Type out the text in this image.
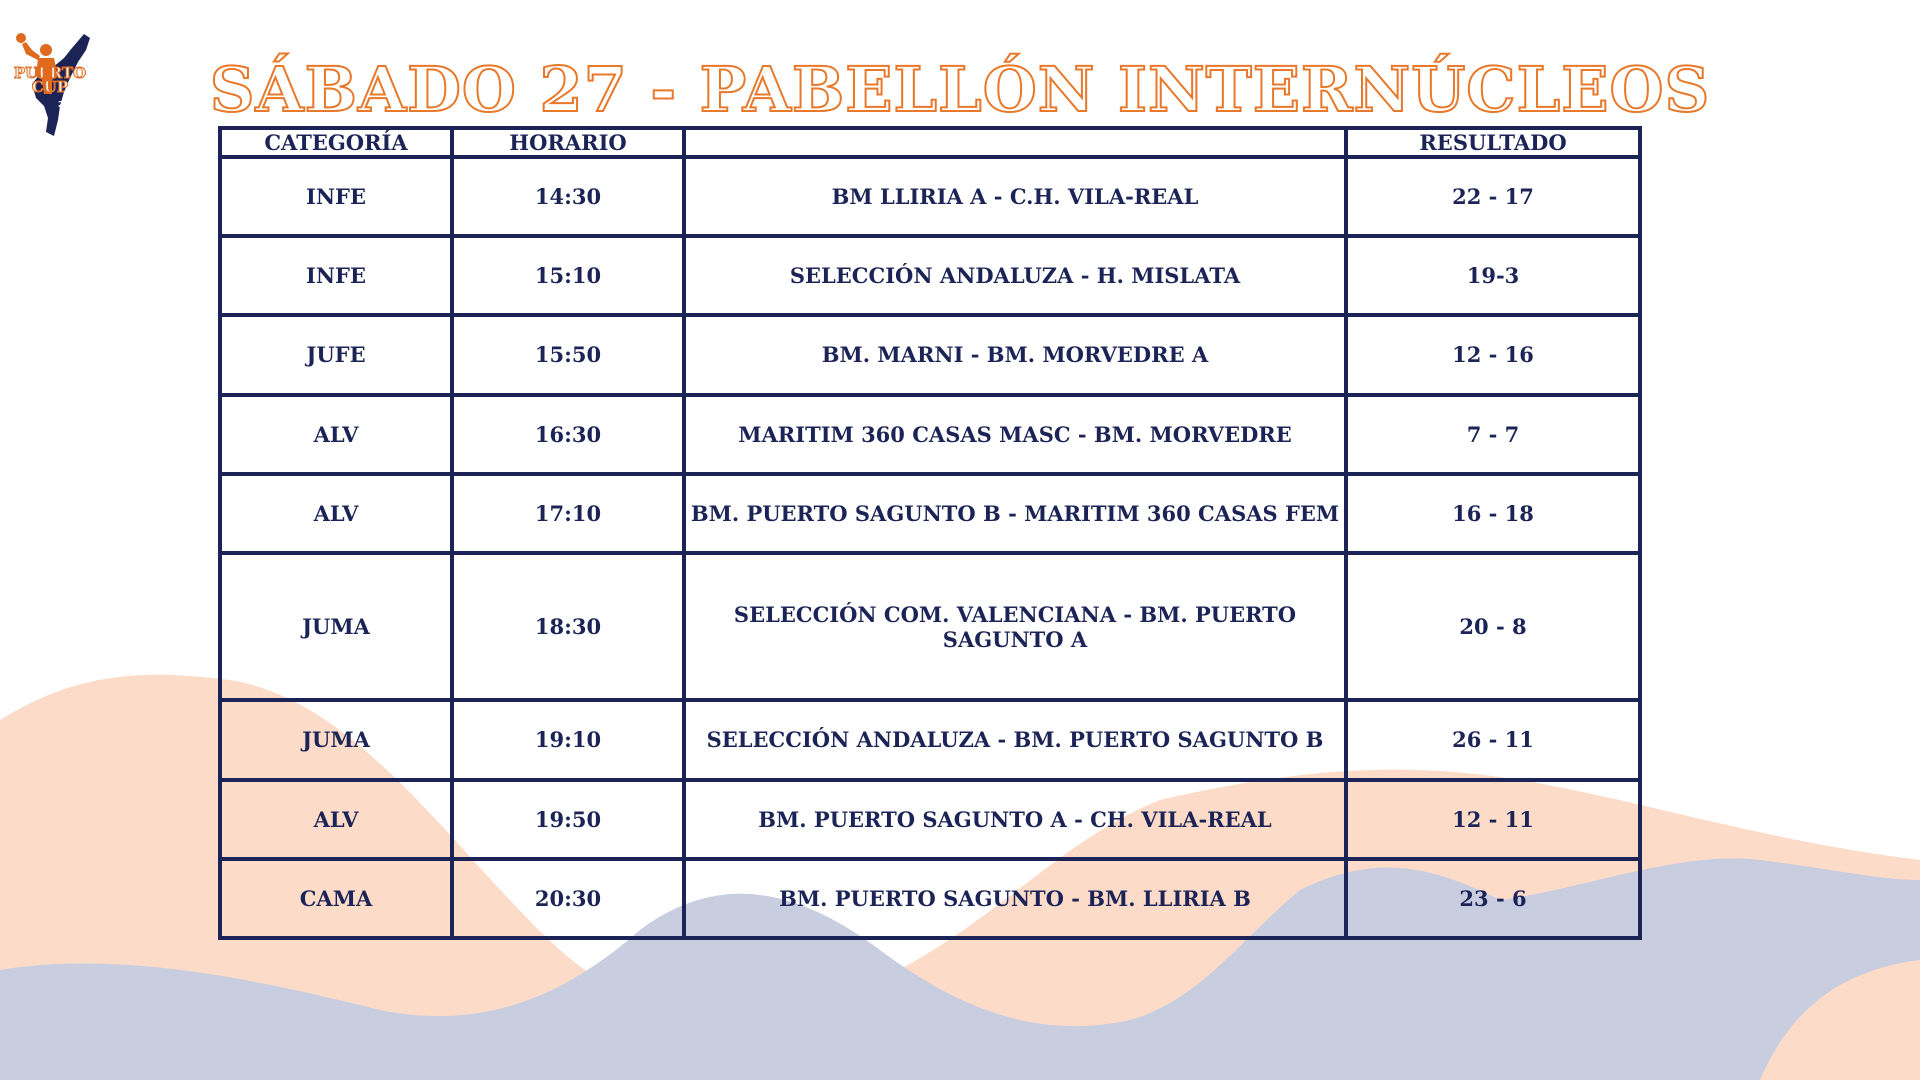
PUERTO CUP
2025	SÁBADO 27 - PABELLÓN INTERNÚCLEOS
CATEGORÍA	HORARIO		RESULTADO
INFE	14:30	BM LLIRIA A - C.H. VILA-REAL	22 - 17
INFE	15:10	SELECCIÓN ANDALUZA - H. MISLATA	19-3
JUFE	15:50	BM. MARNI - BM. MORVEDRE A	12 - 16
ALV	16:30	MARITIM 360 CASAS MASC - BM. MORVEDRE	7 - 7
ALV	17:10	BM. PUERTO SAGUNTO B - MARITIM 360 CASAS FEM	16 - 18
JUMA	18:30	SELECCIÓN COM. VALENCIANA - BM. PUERTO SAGUNTO A	20 - 8
JUMA	19:10	SELECCIÓN ANDALUZA - BM. PUERTO SAGUNTO B	26 - 11
ALV	19:50	BM. PUERTO SAGUNTO A - CH. VILA-REAL	12 - 11
CAMA	20:30	BM. PUERTO SAGUNTO - BM. LLIRIA B	23 - 6
